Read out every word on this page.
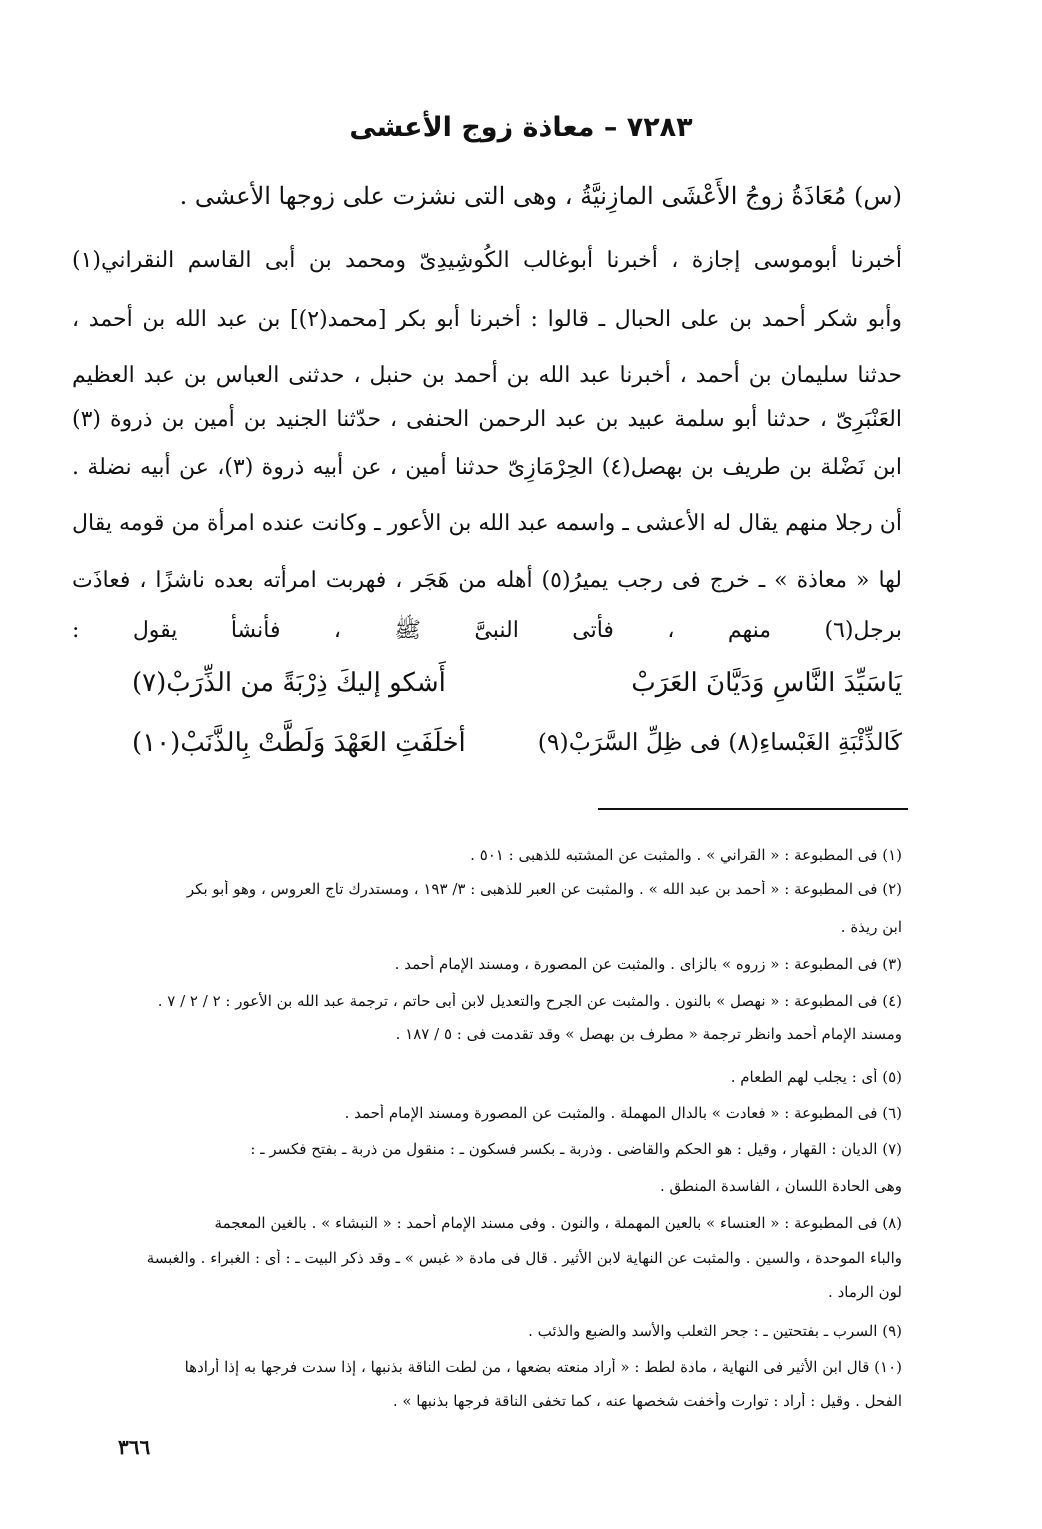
٧٢٨٣ – معاذة زوج الأعشى
(س) مُعَاذَةُ زوجُ الأَعْشَى المازِنيَّةُ ، وهى التى نشزت على زوجها الأعشى .
أخبرنا أبوموسى إجازة ، أخبرنا أبوغالب الكُوشِيدِىّ ومحمد بن أبى القاسم النقراني(١)
وأبو شكر أحمد بن على الحبال ـ قالوا : أخبرنا أبو بكر [محمد(٢)] بن عبد الله بن أحمد ،
حدثنا سليمان بن أحمد ، أخبرنا عبد الله بن أحمد بن حنبل ، حدثنى العباس بن عبد العظيم
العَنْبَرِىّ ، حدثنا أبو سلمة عبيد بن عبد الرحمن الحنفى ، حدّثنا الجنيد بن أمين بن ذروة (٣)
ابن نَضْلة بن طريف بن بهصل(٤) الحِرْمَازِىّ حدثنا أمين ، عن أبيه ذروة (٣)، عن أبيه نضلة .
أن رجلا منهم يقال له الأعشى ـ واسمه عبد الله بن الأعور ـ وكانت عنده امرأة من قومه يقال
لها « معاذة » ـ خرج فى رجب يميرُ(٥) أهله من هَجَر ، فهربت امرأته بعده ناشزًا ، فعاذَت
برجل(٦) منهم ، فأتى النبىَّ ﷺ ، فأنشأ يقول :
يَاسَيِّدَ النَّاسِ وَدَيَّانَ العَرَبْ
أَشكو إليكَ ذِرْبَةً من الذِّرَبْ(٧)
كَالذِّئْبَةِ الغَبْساءِ(٨) فى ظِلِّ السَّرَبْ(٩)
أخلَفَتِ العَهْدَ وَلَطَّتْ بِالذَّنَبْ(١٠)
(١) فى المطبوعة : « القراني » . والمثبت عن المشتبه للذهبى : ٥٠١ .
(٢) فى المطبوعة : « أحمد بن عبد الله » . والمثبت عن العبر للذهبى : ٣/ ١٩٣ ، ومستدرك تاج العروس ، وهو أبو بكر
ابن ريذة .
(٣) فى المطبوعة : « زروه » بالزاى . والمثبت عن المصورة ، ومسند الإمام أحمد .
(٤) فى المطبوعة : « نهصل » بالنون . والمثبت عن الجرح والتعديل لابن أبى حاتم ، ترجمة عبد الله بن الأعور : ٢ / ٢ / ٧ .
ومسند الإمام أحمد وانظر ترجمة « مطرف بن بهصل » وقد تقدمت فى : ٥ / ١٨٧ .
(٥) أى : يجلب لهم الطعام .
(٦) فى المطبوعة : « فعادت » بالدال المهملة . والمثبت عن المصورة ومسند الإمام أحمد .
(٧) الديان : القهار ، وقيل : هو الحكم والقاضى . وذربة ـ بكسر فسكون ـ : منقول من ذربة ـ بفتح فكسر ـ :
وهى الحادة اللسان ، الفاسدة المنطق .
(٨) فى المطبوعة : « العنساء » بالعين المهملة ، والنون . وفى مسند الإمام أحمد : « النبشاء » . بالغين المعجمة
والباء الموحدة ، والسين . والمثبت عن النهاية لابن الأثير . قال فى مادة « غبس » ـ وقد ذكر البيت ـ : أى : الغبراء . والغبسة
لون الرماد .
(٩) السرب ـ بفتحتين ـ : جحر الثعلب والأسد والضبع والذئب .
(١٠) قال ابن الأثير فى النهاية ، مادة لطط : « أراد منعته بضعها ، من لطت الناقة بذنبها ، إذا سدت فرجها به إذا أرادها
الفحل . وقيل : أراد : توارت وأخفت شخصها عنه ، كما تخفى الناقة فرجها بذنبها » .
٣٦٦
